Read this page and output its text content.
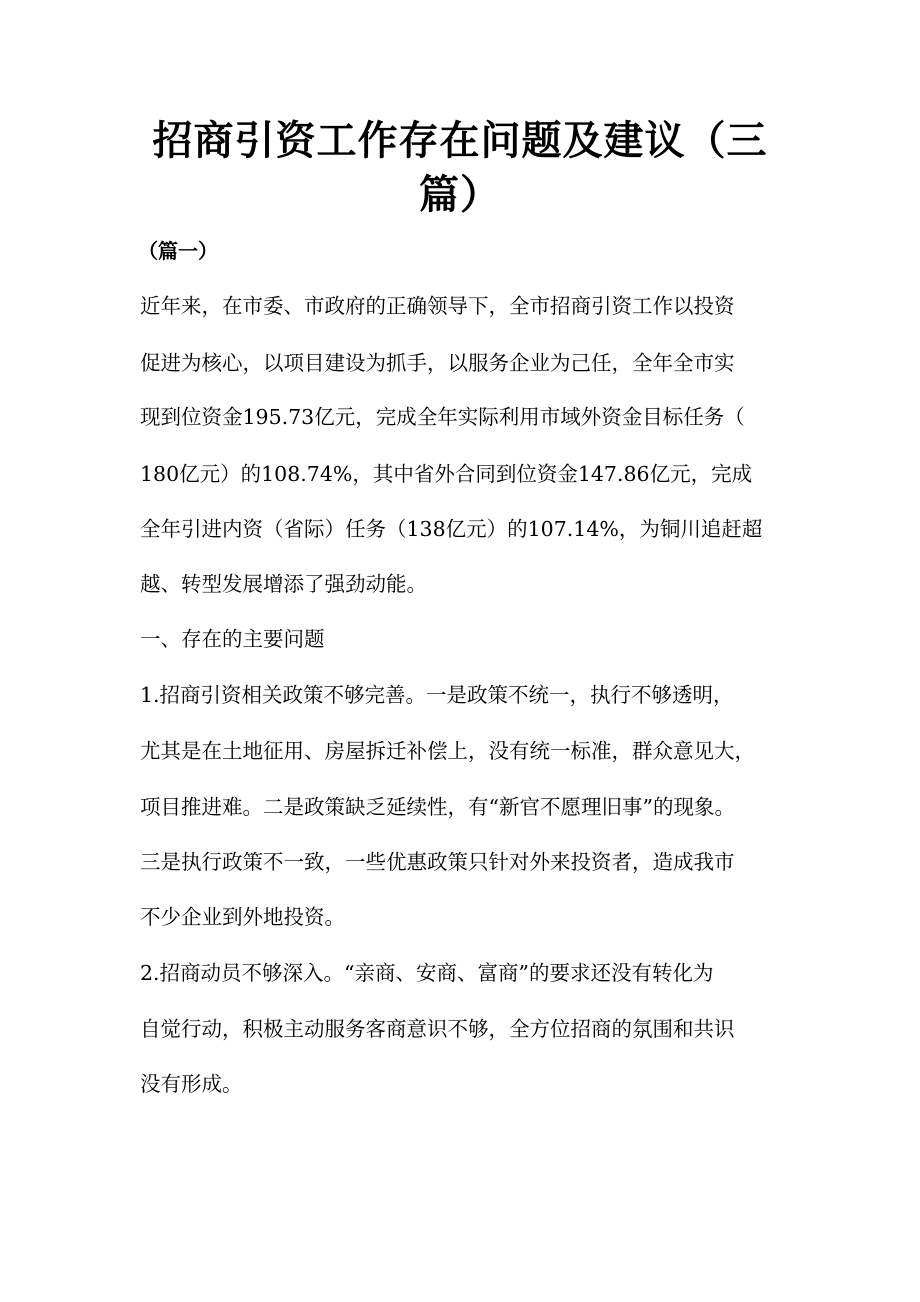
招商引资工作存在问题及建议（三
篇）
（篇一）
近年来，在市委、市政府的正确领导下，全市招商引资工作以投资
促进为核心，以项目建设为抓手，以服务企业为己任，全年全市实
现到位资金195.73亿元，完成全年实际利用市域外资金目标任务（
180亿元）的108.74%，其中省外合同到位资金147.86亿元，完成
全年引进内资（省际）任务（138亿元）的107.14%，为铜川追赶超
越、转型发展增添了强劲动能。
一、存在的主要问题
1.招商引资相关政策不够完善。一是政策不统一，执行不够透明，
尤其是在土地征用、房屋拆迁补偿上，没有统一标准，群众意见大，
项目推进难。二是政策缺乏延续性，有“新官不愿理旧事”的现象。
三是执行政策不一致，一些优惠政策只针对外来投资者，造成我市
不少企业到外地投资。
2.招商动员不够深入。“亲商、安商、富商”的要求还没有转化为
自觉行动，积极主动服务客商意识不够，全方位招商的氛围和共识
没有形成。
